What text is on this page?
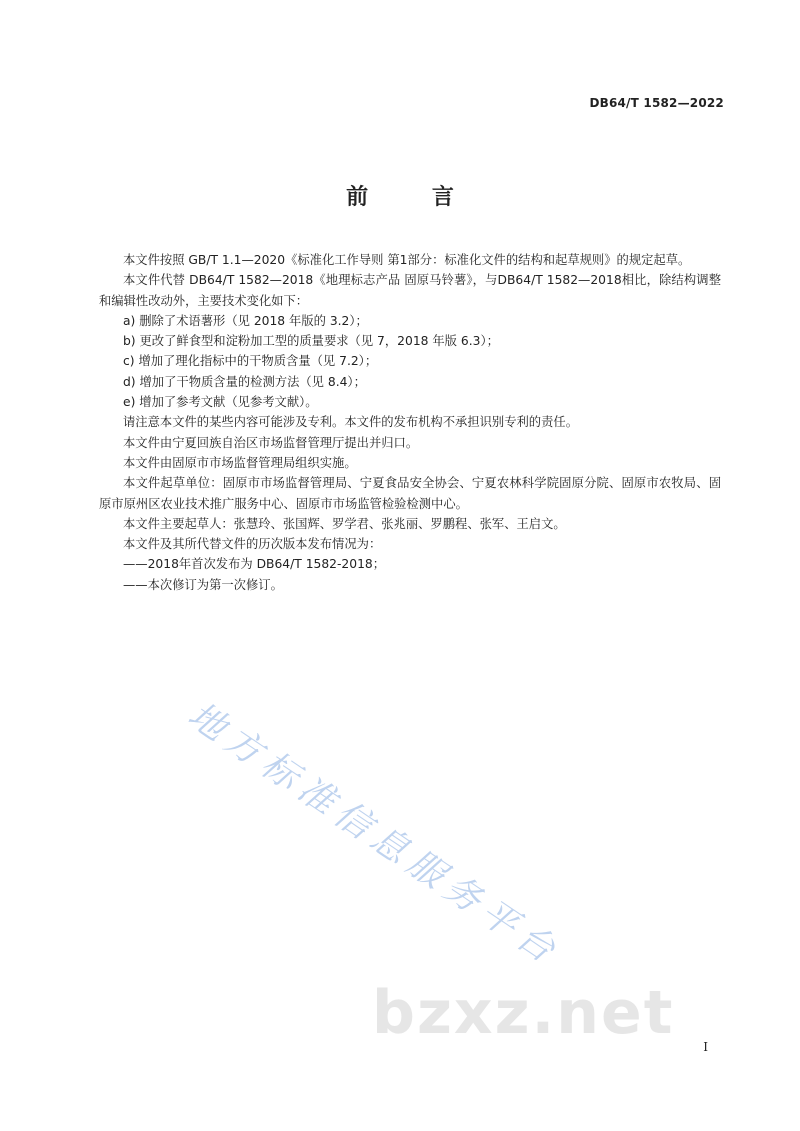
DB64/T 1582—2022
前 言

本文件按照 GB/T 1.1—2020《标准化工作导则 第1部分：标准化文件的结构和起草规则》的规定起草。

本文件代替 DB64/T 1582—2018《地理标志产品 固原马铃薯》，与DB64/T 1582—2018相比，除结构调整和编辑性改动外，主要技术变化如下：

a) 删除了术语薯形（见 2018 年版的 3.2）；

b) 更改了鲜食型和淀粉加工型的质量要求（见 7，2018 年版 6.3）；

c) 增加了理化指标中的干物质含量（见 7.2）；

d) 增加了干物质含量的检测方法（见 8.4）；

e) 增加了参考文献（见参考文献）。

请注意本文件的某些内容可能涉及专利。本文件的发布机构不承担识别专利的责任。

本文件由宁夏回族自治区市场监督管理厅提出并归口。

本文件由固原市市场监督管理局组织实施。

本文件起草单位：固原市市场监督管理局、宁夏食品安全协会、宁夏农林科学院固原分院、固原市农牧局、固原市原州区农业技术推广服务中心、固原市市场监管检验检测中心。

本文件主要起草人：张慧玲、张国辉、罗学君、张兆丽、罗鹏程、张军、王启文。

本文件及其所代替文件的历次版本发布情况为：

——2018年首次发布为 DB64/T 1582-2018；

——本次修订为第一次修订。

地方标准信息服务平台
bzxz.net I
